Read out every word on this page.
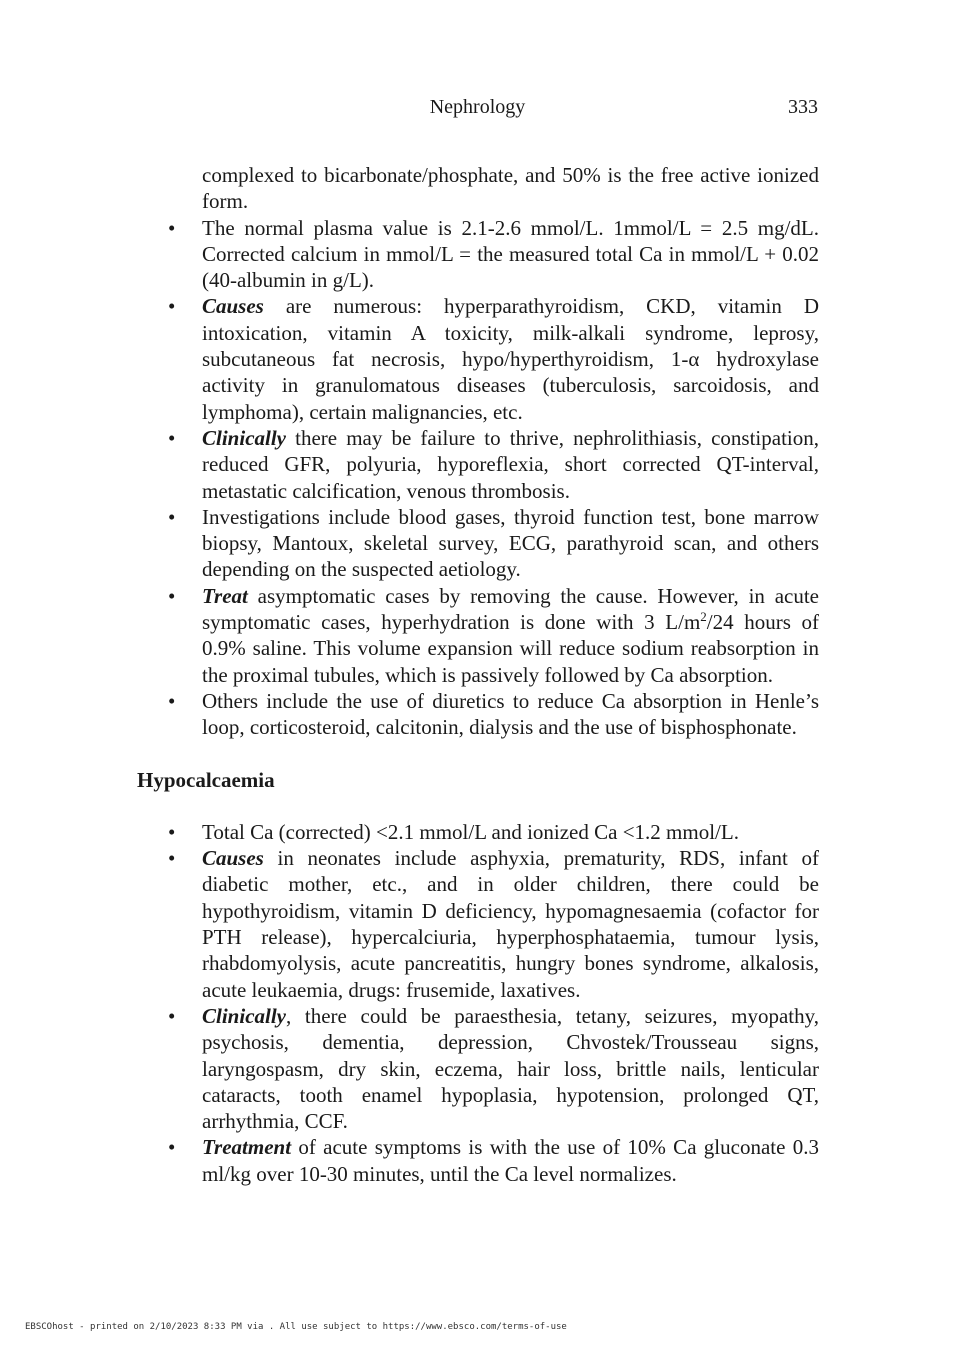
Nephrology	333
complexed to bicarbonate/phosphate, and 50% is the free active ionized form.
• The normal plasma value is 2.1-2.6 mmol/L. 1mmol/L = 2.5 mg/dL. Corrected calcium in mmol/L = the measured total Ca in mmol/L + 0.02 (40-albumin in g/L).
• Causes are numerous: hyperparathyroidism, CKD, vitamin D intoxication, vitamin A toxicity, milk-alkali syndrome, leprosy, subcutaneous fat necrosis, hypo/hyperthyroidism, 1-α hydroxylase activity in granulomatous diseases (tuberculosis, sarcoidosis, and lymphoma), certain malignancies, etc.
• Clinically there may be failure to thrive, nephrolithiasis, constipation, reduced GFR, polyuria, hyporeflexia, short corrected QT-interval, metastatic calcification, venous thrombosis.
• Investigations include blood gases, thyroid function test, bone marrow biopsy, Mantoux, skeletal survey, ECG, parathyroid scan, and others depending on the suspected aetiology.
• Treat asymptomatic cases by removing the cause. However, in acute symptomatic cases, hyperhydration is done with 3 $L/m^2/24$ hours of 0.9% saline. This volume expansion will reduce sodium reabsorption in the proximal tubules, which is passively followed by Ca absorption.
• Others include the use of diuretics to reduce Ca absorption in Henle’s loop, corticosteroid, calcitonin, dialysis and the use of bisphosphonate.
Hypocalcaemia
• Total Ca (corrected) <2.1 mmol/L and ionized Ca <1.2 mmol/L.
• Causes in neonates include asphyxia, prematurity, RDS, infant of diabetic mother, etc., and in older children, there could be hypothyroidism, vitamin D deficiency, hypomagnesaemia (cofactor for PTH release), hypercalciuria, hyperphosphataemia, tumour lysis, rhabdomyolysis, acute pancreatitis, hungry bones syndrome, alkalosis, acute leukaemia, drugs: frusemide, laxatives.
• Clinically, there could be paraesthesia, tetany, seizures, myopathy, psychosis, dementia, depression, Chvostek/Trousseau signs, laryngospasm, dry skin, eczema, hair loss, brittle nails, lenticular cataracts, tooth enamel hypoplasia, hypotension, prolonged QT, arrhythmia, CCF.
• Treatment of acute symptoms is with the use of 10% Ca gluconate 0.3 ml/kg over 10-30 minutes, until the Ca level normalizes.
EBSCOhost - printed on 2/10/2023 8:33 PM via . All use subject to https://www.ebsco.com/terms-of-use
